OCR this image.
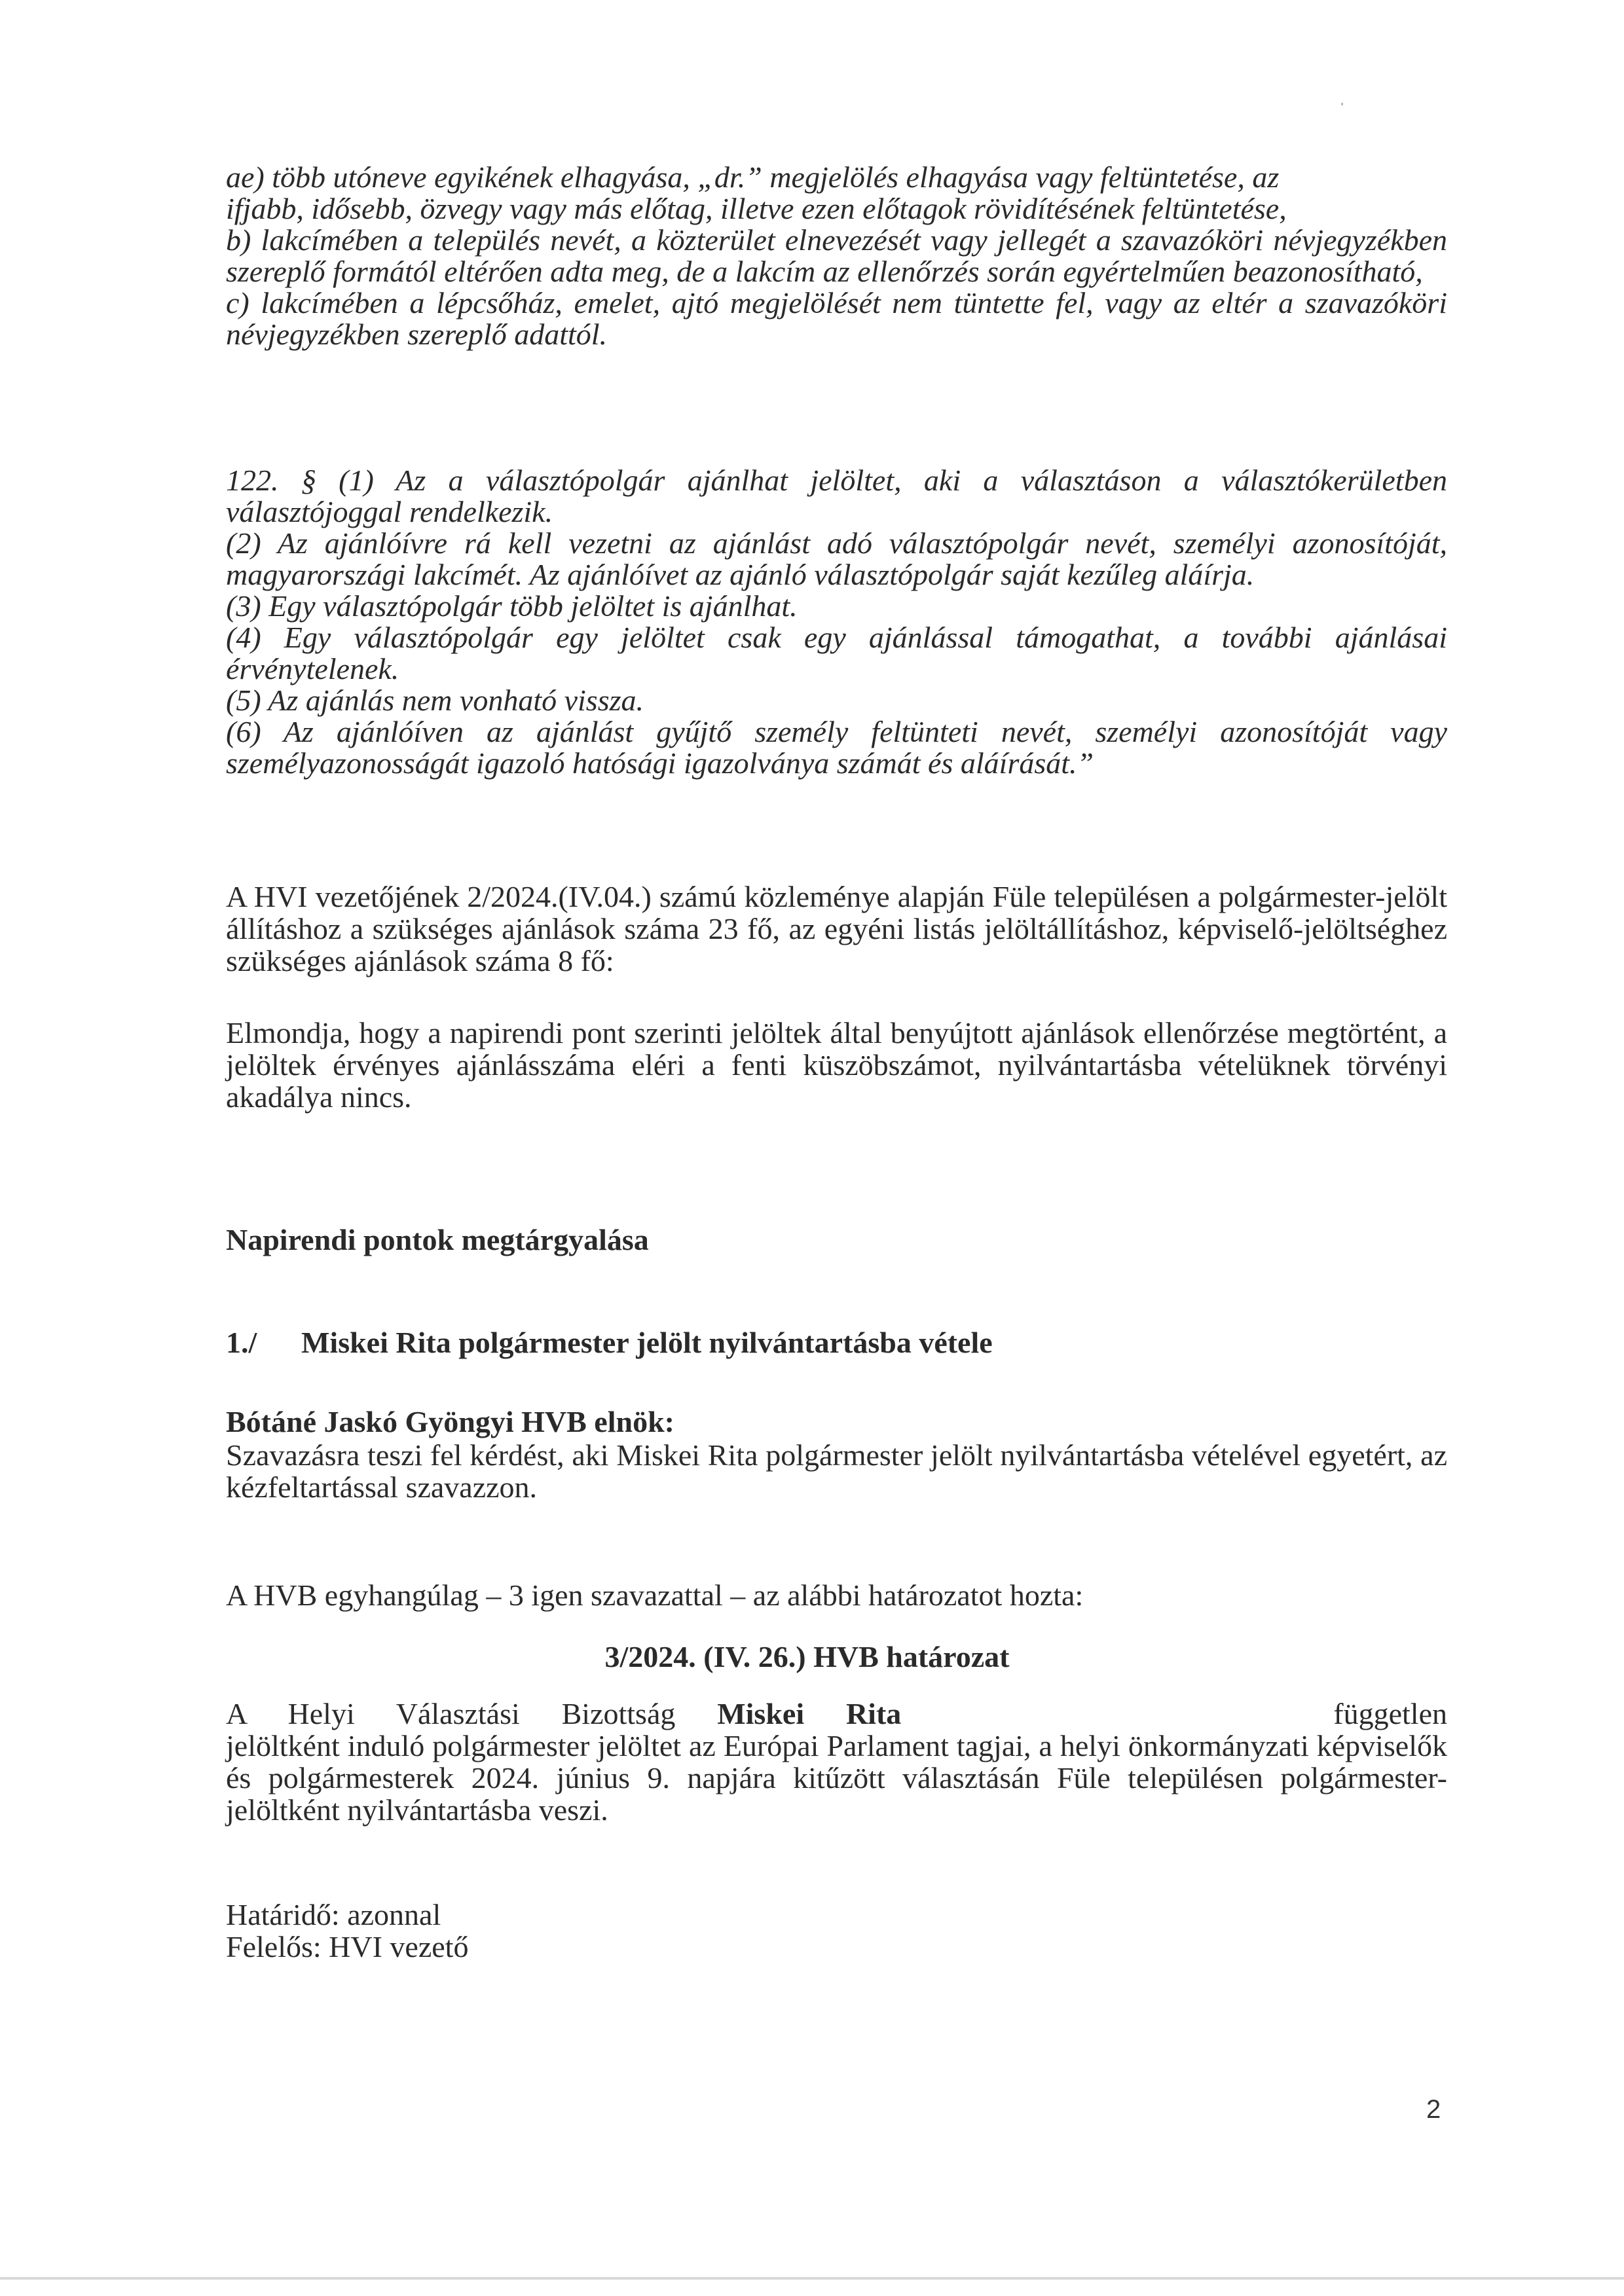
ae) több utóneve egyikének elhagyása, „dr.” megjelölés elhagyása vagy feltüntetése, az

ifjabb, idősebb, özvegy vagy más előtag, illetve ezen előtagok rövidítésének feltüntetése,

b) lakcímében a település nevét, a közterület elnevezését vagy jellegét a szavazóköri névjegyzékben szereplő formától eltérően adta meg, de a lakcím az ellenőrzés során egyértelműen beazonosítható,

c) lakcímében a lépcsőház, emelet, ajtó megjelölését nem tüntette fel, vagy az eltér a szavazóköri névjegyzékben szereplő adattól.

122. § (1) Az a választópolgár ajánlhat jelöltet, aki a választáson a választókerületben választójoggal rendelkezik.

(2) Az ajánlóívre rá kell vezetni az ajánlást adó választópolgár nevét, személyi azonosítóját, magyarországi lakcímét. Az ajánlóívet az ajánló választópolgár saját kezűleg aláírja.

(3) Egy választópolgár több jelöltet is ajánlhat.

(4) Egy választópolgár egy jelöltet csak egy ajánlással támogathat, a további ajánlásai érvénytelenek.

(5) Az ajánlás nem vonható vissza.

(6) Az ajánlóíven az ajánlást gyűjtő személy feltünteti nevét, személyi azonosítóját vagy személyazonosságát igazoló hatósági igazolványa számát és aláírását.”

A HVI vezetőjének 2/2024.(IV.04.) számú közleménye alapján Füle településen a polgármester-jelölt állításhoz a szükséges ajánlások száma 23 fő, az egyéni listás jelöltállításhoz, képviselő-jelöltséghez szükséges ajánlások száma 8 fő:

Elmondja, hogy a napirendi pont szerinti jelöltek által benyújtott ajánlások ellenőrzése megtörtént, a jelöltek érvényes ajánlásszáma eléri a fenti küszöbszámot, nyilvántartásba vételüknek törvényi akadálya nincs.

Napirendi pontok megtárgyalása
1./ Miskei Rita polgármester jelölt nyilvántartásba vétele
Bótáné Jaskó Gyöngyi HVB elnök:

Szavazásra teszi fel kérdést, aki Miskei Rita polgármester jelölt nyilvántartásba vételével egyetért, az kézfeltartással szavazzon.

A HVB egyhangúlag – 3 igen szavazattal – az alábbi határozatot hozta:
3/2024. (IV. 26.) HVB határozat

A Helyi Választási Bizottság Miskei Rita	független

jelöltként induló polgármester jelöltet az Európai Parlament tagjai, a helyi önkormányzati képviselők és polgármesterek 2024. június 9. napjára kitűzött választásán Füle településen polgármester-jelöltként nyilvántartásba veszi.

Határidő: azonnal

Felelős: HVI vezető

2
